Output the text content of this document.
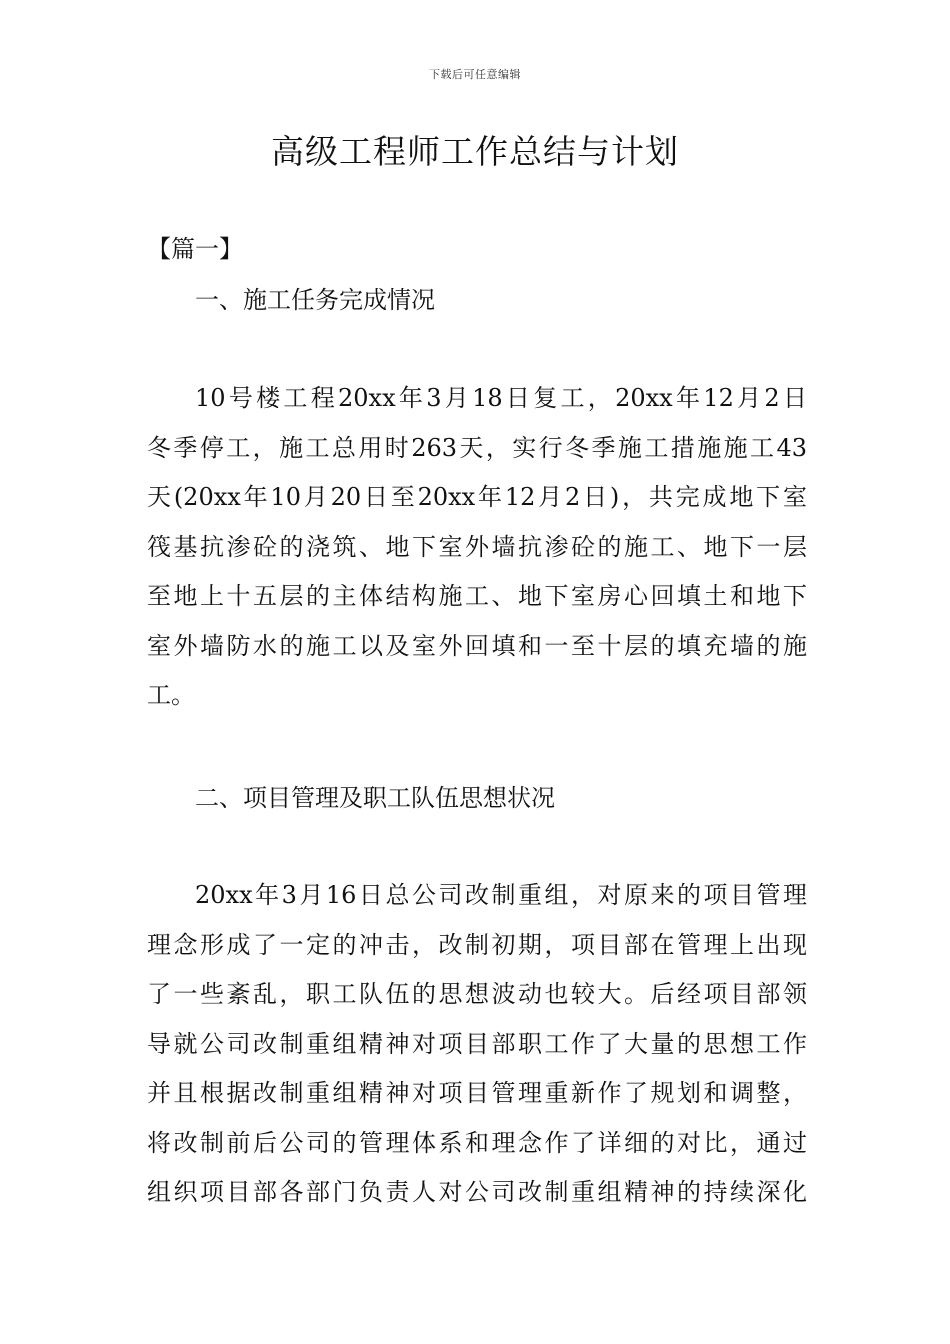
下载后可任意编辑
高级工程师工作总结与计划
【篇一】
一、施工任务完成情况

10号楼工程20xx年3月18日复工，20xx年12月2日
冬季停工，施工总用时263天，实行冬季施工措施施工43
天(20xx年10月20日至20xx年12月2日)，共完成地下室
筏基抗渗砼的浇筑、地下室外墙抗渗砼的施工、地下一层
至地上十五层的主体结构施工、地下室房心回填土和地下
室外墙防水的施工以及室外回填和一至十层的填充墙的施
工。

二、项目管理及职工队伍思想状况

20xx年3月16日总公司改制重组，对原来的项目管理
理念形成了一定的冲击，改制初期，项目部在管理上出现
了一些紊乱，职工队伍的思想波动也较大。后经项目部领
导就公司改制重组精神对项目部职工作了大量的思想工作
并且根据改制重组精神对项目管理重新作了规划和调整，
将改制前后公司的管理体系和理念作了详细的对比，通过
组织项目部各部门负责人对公司改制重组精神的持续深化
